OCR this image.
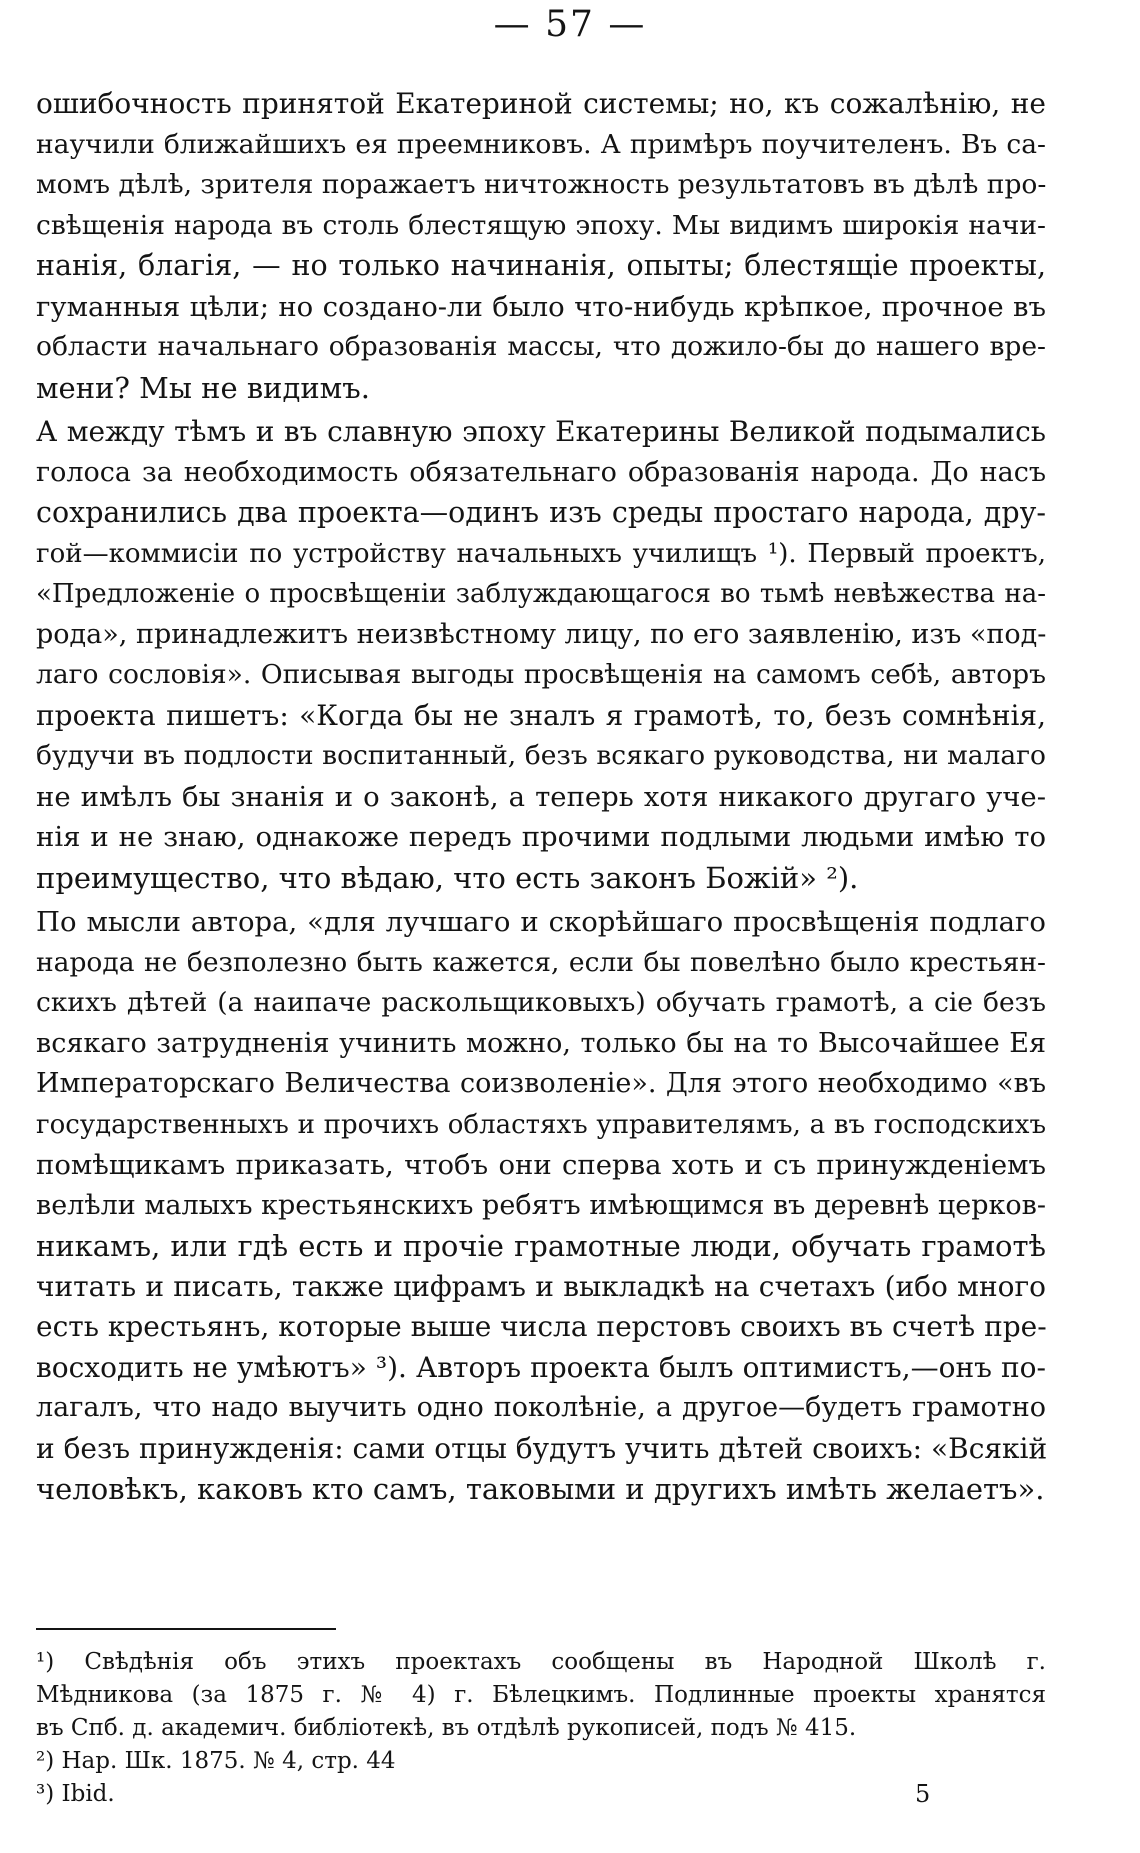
— 57 —
ошибочность принятой Екатериной системы; но, къ сожалѣнію, не
научили ближайшихъ ея преемниковъ. А примѣръ поучителенъ. Въ са-
момъ дѣлѣ, зрителя поражаетъ ничтожность результатовъ въ дѣлѣ про-
свѣщенія народа въ столь блестящую эпоху. Мы видимъ широкія начи-
нанія, благія, — но только начинанія, опыты; блестящіе проекты,
гуманныя цѣли; но создано-ли было что-нибудь крѣпкое, прочное въ
области начальнаго образованія массы, что дожило-бы до нашего вре-
мени? Мы не видимъ.
А между тѣмъ и въ славную эпоху Екатерины Великой подымались
голоса за необходимость обязательнаго образованія народа. До насъ
сохранились два проекта—одинъ изъ среды простаго народа, дру-
гой—коммисіи по устройству начальныхъ училищъ ¹). Первый проектъ,
«Предложеніе о просвѣщеніи заблуждающагося во тьмѣ невѣжества на-
рода», принадлежитъ неизвѣстному лицу, по его заявленію, изъ «под-
лаго сословія». Описывая выгоды просвѣщенія на самомъ себѣ, авторъ
проекта пишетъ: «Когда бы не зналъ я грамотѣ, то, безъ сомнѣнія,
будучи въ подлости воспитанный, безъ всякаго руководства, ни малаго
не имѣлъ бы знанія и о законѣ, а теперь хотя никакого другаго уче-
нія и не знаю, однакоже передъ прочими подлыми людьми имѣю то
преимущество, что вѣдаю, что есть законъ Божій» ²).
По мысли автора, «для лучшаго и скорѣйшаго просвѣщенія подлаго
народа не безполезно быть кажется, если бы повелѣно было крестьян-
скихъ дѣтей (а наипаче раскольщиковыхъ) обучать грамотѣ, а сіе безъ
всякаго затрудненія учинить можно, только бы на то Высочайшее Ея
Императорскаго Величества соизволеніе». Для этого необходимо «въ
государственныхъ и прочихъ областяхъ управителямъ, а въ господскихъ
помѣщикамъ приказать, чтобъ они сперва хоть и съ принужденіемъ
велѣли малыхъ крестьянскихъ ребятъ имѣющимся въ деревнѣ церков-
никамъ, или гдѣ есть и прочіе грамотные люди, обучать грамотѣ
читать и писать, также цифрамъ и выкладкѣ на счетахъ (ибо много
есть крестьянъ, которые выше числа перстовъ своихъ въ счетѣ пре-
восходить не умѣютъ» ³). Авторъ проекта былъ оптимистъ,—онъ по-
лагалъ, что надо выучить одно поколѣніе, а другое—будетъ грамотно
и безъ принужденія: сами отцы будутъ учить дѣтей своихъ: «Всякій
человѣкъ, каковъ кто самъ, таковыми и другихъ имѣть желаетъ».
¹) Свѣдѣнія объ этихъ проектахъ сообщены въ Народной Школѣ г.
Мѣдникова (за 1875 г. № 4) г. Бѣлецкимъ. Подлинные проекты хранятся
въ Спб. д. академич. библіотекѣ, въ отдѣлѣ рукописей, подъ № 415.
²) Нар. Шк. 1875. № 4, стр. 44
³) Ibid.	5
